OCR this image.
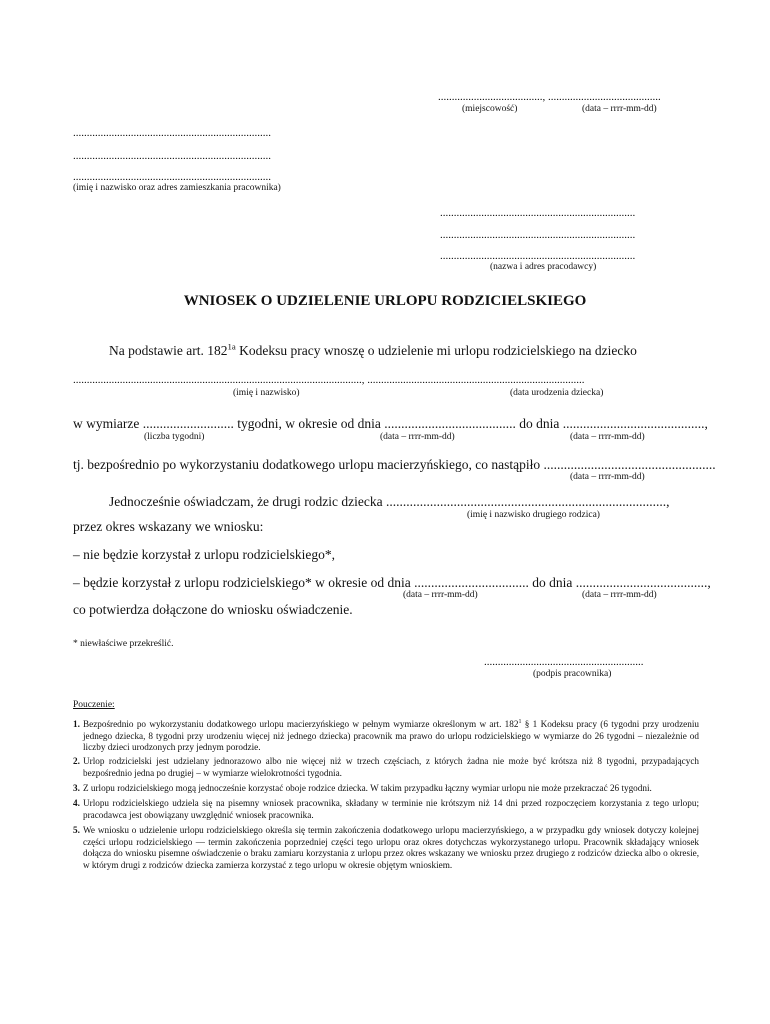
......................................, .........................................
(miejscowość)	(data – rrrr-mm-dd)
........................................................................
........................................................................
........................................................................
(imię i nazwisko oraz adres zamieszkania pracownika)
.......................................................................
.......................................................................
.......................................................................
(nazwa i adres pracodawcy)
WNIOSEK O UDZIELENIE URLOPU RODZICIELSKIEGO
Na podstawie art. $182^{1a}$ Kodeksu pracy wnoszę o udzielenie mi urlopu rodzicielskiego na dziecko
........................................................................................................., ...............................................................................
(imię i nazwisko)	(data urodzenia dziecka)
w wymiarze ........................... tygodni, w okresie od dnia ....................................... do dnia ..........................................,
(liczba tygodni)	(data – rrrr-mm-dd)	(data – rrrr-mm-dd)
tj. bezpośrednio po wykorzystaniu dodatkowego urlopu macierzyńskiego, co nastąpiło ...................................................
(data – rrrr-mm-dd)
Jednocześnie oświadczam, że drugi rodzic dziecka ...................................................................................,
(imię i nazwisko drugiego rodzica)
przez okres wskazany we wniosku:
– nie będzie korzystał z urlopu rodzicielskiego*,
– będzie korzystał z urlopu rodzicielskiego* w okresie od dnia .................................. do dnia .......................................,
(data – rrrr-mm-dd)	(data – rrrr-mm-dd)
co potwierdza dołączone do wniosku oświadczenie.
* niewłaściwe przekreślić.
..........................................................
(podpis pracownika)
Pouczenie:
1. Bezpośrednio po wykorzystaniu dodatkowego urlopu macierzyńskiego w pełnym wymiarze określonym w art. $182^1$ § 1 Kodeksu pracy (6 tygodni przy urodzeniu jednego dziecka, 8 tygodni przy urodzeniu więcej niż jednego dziecka) pracownik ma prawo do urlopu rodzicielskiego w wymiarze do 26 tygodni – niezależnie od liczby dzieci urodzonych przy jednym porodzie.
2. Urlop rodzicielski jest udzielany jednorazowo albo nie więcej niż w trzech częściach, z których żadna nie może być krótsza niż 8 tygodni, przypadających bezpośrednio jedna po drugiej – w wymiarze wielokrotności tygodnia.
3. Z urlopu rodzicielskiego mogą jednocześnie korzystać oboje rodzice dziecka. W takim przypadku łączny wymiar urlopu nie może przekraczać 26 tygodni.
4. Urlopu rodzicielskiego udziela się na pisemny wniosek pracownika, składany w terminie nie krótszym niż 14 dni przed rozpoczęciem korzystania z tego urlopu; pracodawca jest obowiązany uwzględnić wniosek pracownika.
5. We wniosku o udzielenie urlopu rodzicielskiego określa się termin zakończenia dodatkowego urlopu macierzyńskiego, a w przypadku gdy wniosek dotyczy kolejnej części urlopu rodzicielskiego — termin zakończenia poprzedniej części tego urlopu oraz okres dotychczas wykorzystanego urlopu. Pracownik składający wniosek dołącza do wniosku pisemne oświadczenie o braku zamiaru korzystania z urlopu przez okres wskazany we wniosku przez drugiego z rodziców dziecka albo o okresie, w którym drugi z rodziców dziecka zamierza korzystać z tego urlopu w okresie objętym wnioskiem.
